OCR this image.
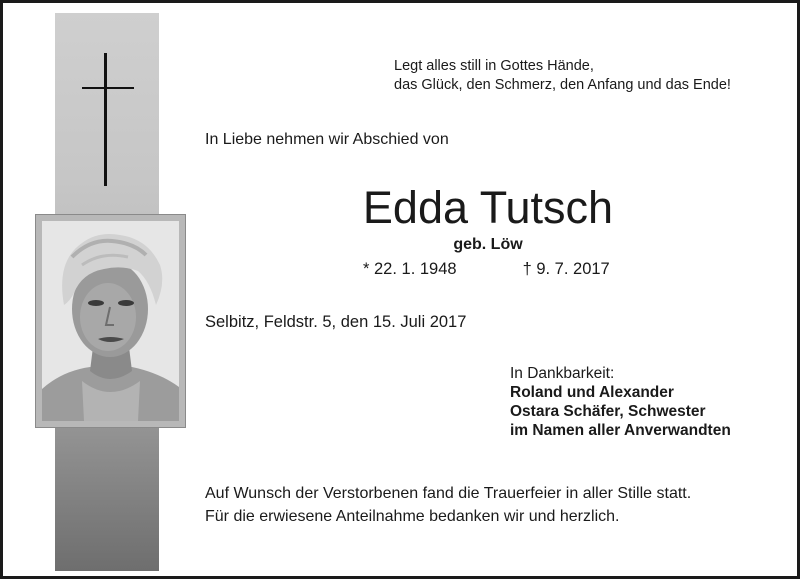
Legt alles still in Gottes Hände,
das Glück, den Schmerz, den Anfang und das Ende!
In Liebe nehmen wir Abschied von
Edda Tutsch
geb. Löw
* 22. 1. 1948	† 9. 7. 2017
Selbitz, Feldstr. 5, den 15. Juli 2017
In Dankbarkeit:
Roland und Alexander
Ostara Schäfer, Schwester
im Namen aller Anverwandten
Auf Wunsch der Verstorbenen fand die Trauerfeier in aller Stille statt.
Für die erwiesene Anteilnahme bedanken wir und herzlich.
